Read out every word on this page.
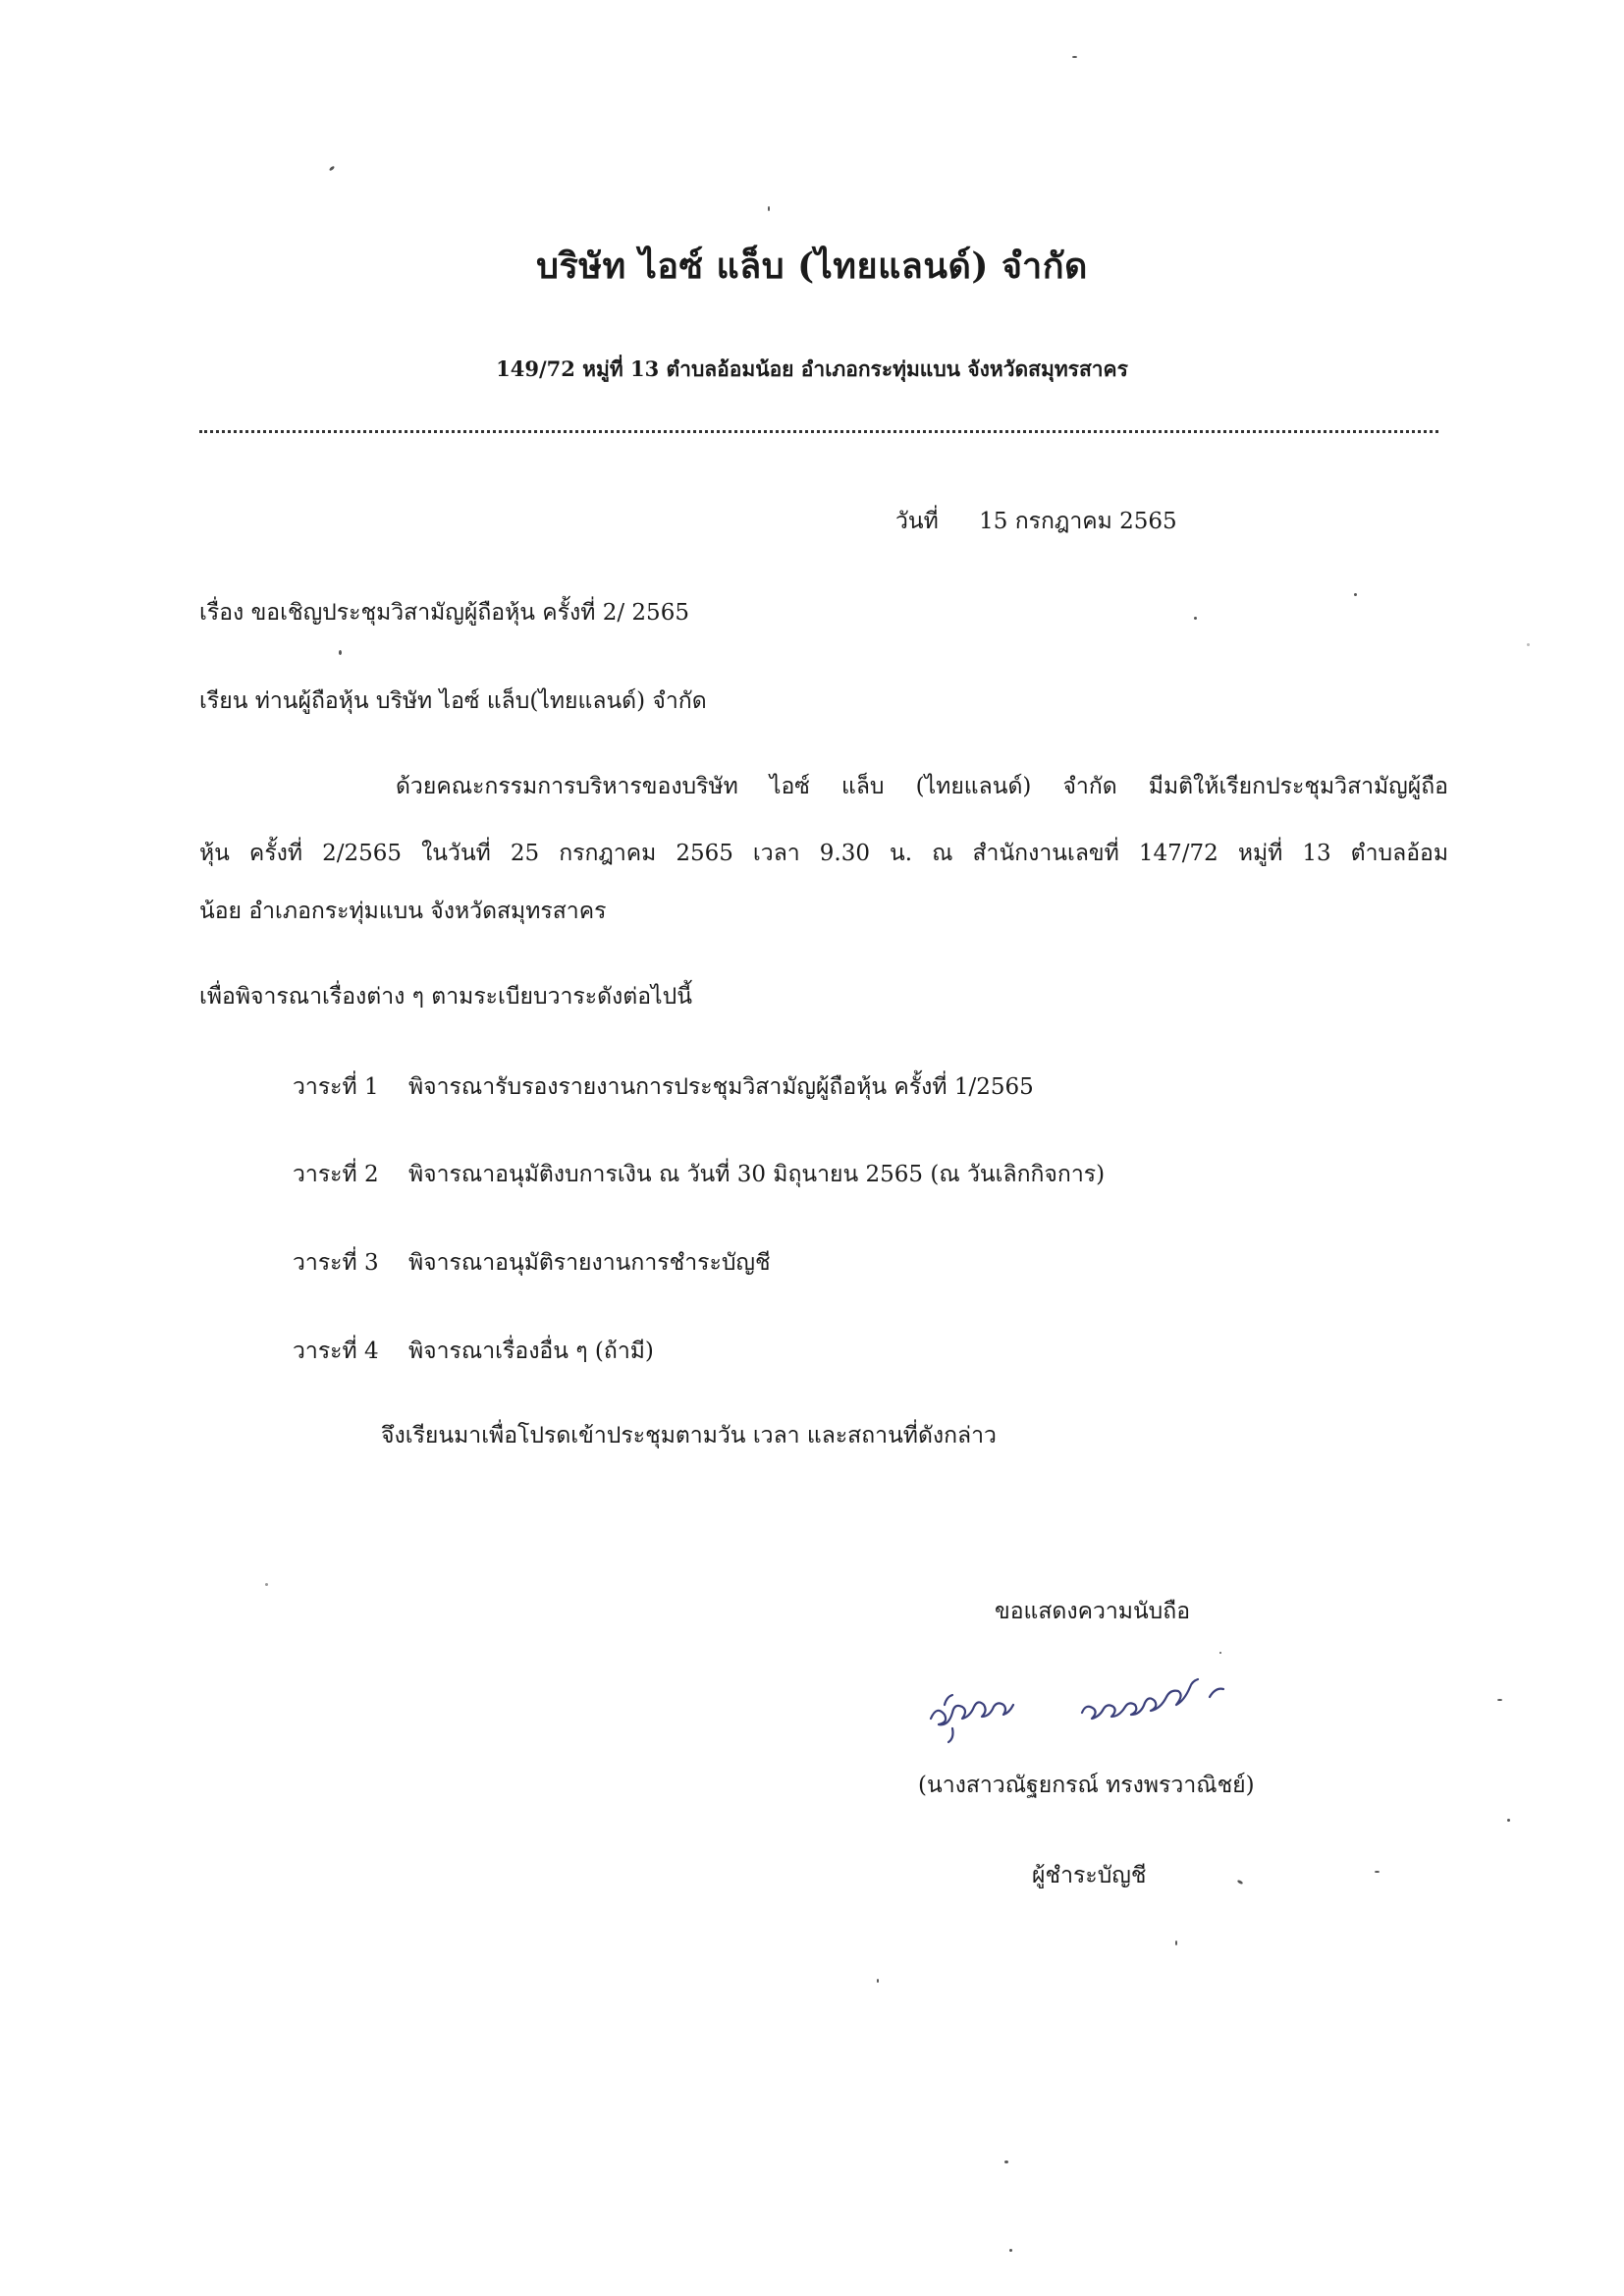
บริษัท ไอซ์ แล็บ (ไทยแลนด์) จำกัด
149/72 หมู่ที่ 13 ตำบลอ้อมน้อย อำเภอกระทุ่มแบน จังหวัดสมุทรสาคร
วันที่ 15 กรกฎาคม 2565
เรื่อง ขอเชิญประชุมวิสามัญผู้ถือหุ้น ครั้งที่ 2/ 2565
เรียน ท่านผู้ถือหุ้น บริษัท ไอซ์ แล็บ(ไทยแลนด์) จำกัด
ด้วยคณะกรรมการบริหารของบริษัท ไอซ์ แล็บ (ไทยแลนด์) จำกัด มีมติให้เรียกประชุมวิสามัญผู้ถือ
หุ้น ครั้งที่ 2/2565 ในวันที่ 25 กรกฎาคม 2565 เวลา 9.30 น. ณ สำนักงานเลขที่ 147/72 หมู่ที่ 13 ตำบลอ้อม
น้อย อำเภอกระทุ่มแบน จังหวัดสมุทรสาคร
เพื่อพิจารณาเรื่องต่าง ๆ ตามระเบียบวาระดังต่อไปนี้
วาระที่ 1 พิจารณารับรองรายงานการประชุมวิสามัญผู้ถือหุ้น ครั้งที่ 1/2565
วาระที่ 2 พิจารณาอนุมัติงบการเงิน ณ วันที่ 30 มิถุนายน 2565 (ณ วันเลิกกิจการ)
วาระที่ 3 พิจารณาอนุมัติรายงานการชำระบัญชี
วาระที่ 4 พิจารณาเรื่องอื่น ๆ (ถ้ามี)
จึงเรียนมาเพื่อโปรดเข้าประชุมตามวัน เวลา และสถานที่ดังกล่าว
ขอแสดงความนับถือ
(นางสาวณัฐยกรณ์ ทรงพรวาณิชย์)
ผู้ชำระบัญชี
